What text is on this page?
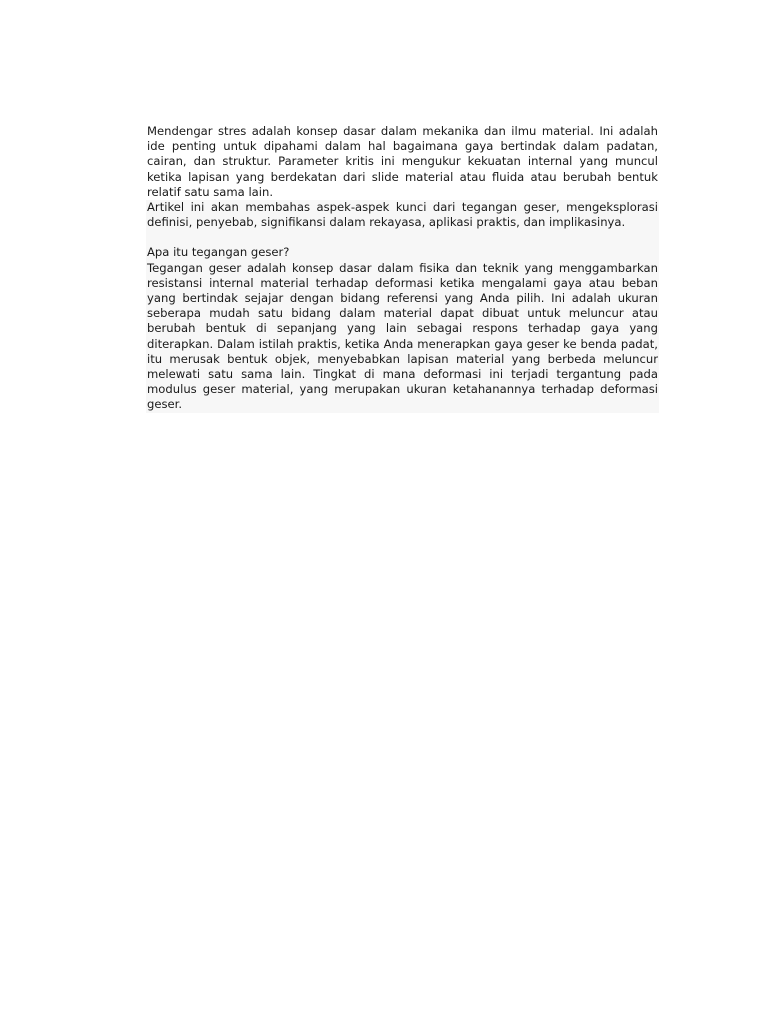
Mendengar stres adalah konsep dasar dalam mekanika dan ilmu material. Ini adalah ide penting untuk dipahami dalam hal bagaimana gaya bertindak dalam padatan, cairan, dan struktur. Parameter kritis ini mengukur kekuatan internal yang muncul ketika lapisan yang berdekatan dari slide material atau fluida atau berubah bentuk relatif satu sama lain.

Artikel ini akan membahas aspek-aspek kunci dari tegangan geser, mengeksplorasi definisi, penyebab, signifikansi dalam rekayasa, aplikasi praktis, dan implikasinya.

Apa itu tegangan geser?

Tegangan geser adalah konsep dasar dalam fisika dan teknik yang menggambarkan resistansi internal material terhadap deformasi ketika mengalami gaya atau beban yang bertindak sejajar dengan bidang referensi yang Anda pilih. Ini adalah ukuran seberapa mudah satu bidang dalam material dapat dibuat untuk meluncur atau berubah bentuk di sepanjang yang lain sebagai respons terhadap gaya yang diterapkan. Dalam istilah praktis, ketika Anda menerapkan gaya geser ke benda padat, itu merusak bentuk objek, menyebabkan lapisan material yang berbeda meluncur melewati satu sama lain. Tingkat di mana deformasi ini terjadi tergantung pada modulus geser material, yang merupakan ukuran ketahanannya terhadap deformasi geser.
